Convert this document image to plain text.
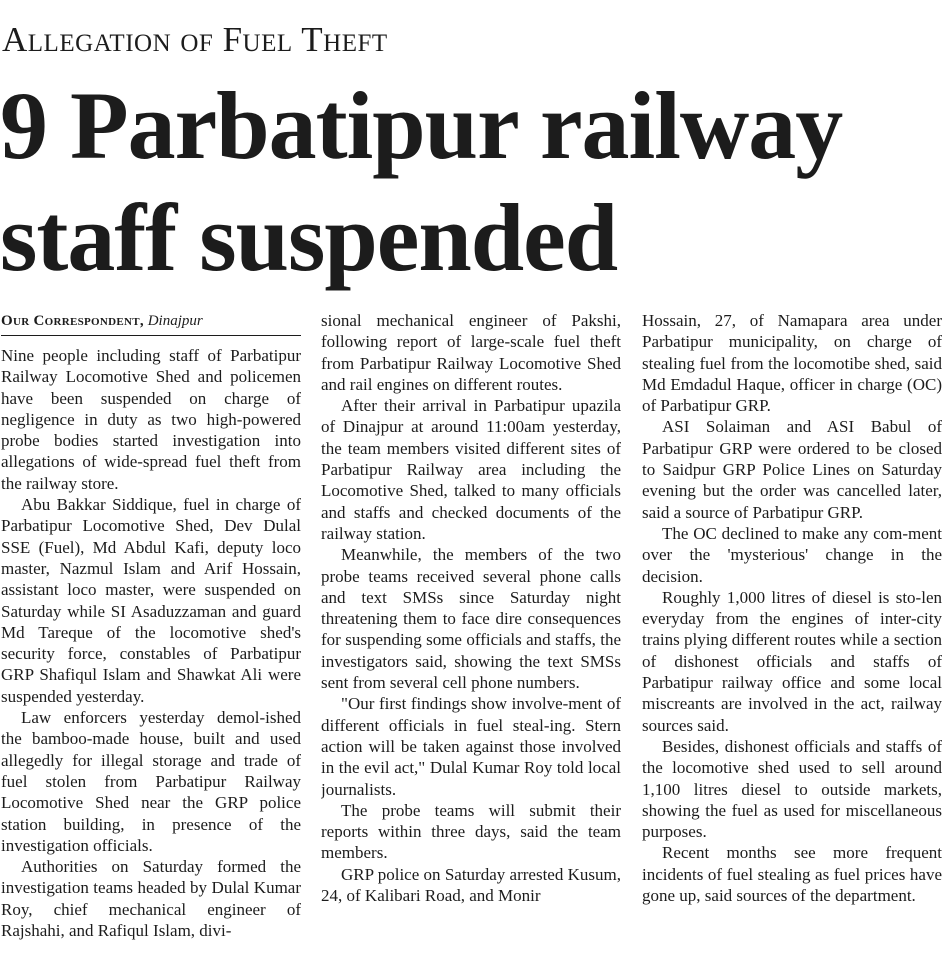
Allegation of Fuel Theft
9 Parbatipur railway
staff suspended
Our Correspondent, Dinajpur

Nine people including staff of Parbatipur Railway Locomotive Shed and policemen have been suspended on charge of negligence in duty as two high-powered probe bodies started investigation into allegations of wide-spread fuel theft from the railway store.

Abu Bakkar Siddique, fuel in charge of Parbatipur Locomotive Shed, Dev Dulal SSE (Fuel), Md Abdul Kafi, deputy loco master, Nazmul Islam and Arif Hossain, assistant loco master, were suspended on Saturday while SI Asaduzzaman and guard Md Tareque of the locomotive shed's security force, constables of Parbatipur GRP Shafiqul Islam and Shawkat Ali were suspended yesterday.

Law enforcers yesterday demol-ished the bamboo-made house, built and used allegedly for illegal storage and trade of fuel stolen from Parbatipur Railway Locomotive Shed near the GRP police station building, in presence of the investigation officials.

Authorities on Saturday formed the investigation teams headed by Dulal Kumar Roy, chief mechanical engineer of Rajshahi, and Rafiqul Islam, divi-

sional mechanical engineer of Pakshi, following report of large-scale fuel theft from Parbatipur Railway Locomotive Shed and rail engines on different routes.

After their arrival in Parbatipur upazila of Dinajpur at around 11:00am yesterday, the team members visited different sites of Parbatipur Railway area including the Locomotive Shed, talked to many officials and staffs and checked documents of the railway station.

Meanwhile, the members of the two probe teams received several phone calls and text SMSs since Saturday night threatening them to face dire consequences for suspending some officials and staffs, the investigators said, showing the text SMSs sent from several cell phone numbers.

"Our first findings show involve-ment of different officials in fuel steal-ing. Stern action will be taken against those involved in the evil act," Dulal Kumar Roy told local journalists.

The probe teams will submit their reports within three days, said the team members.

GRP police on Saturday arrested Kusum, 24, of Kalibari Road, and Monir

Hossain, 27, of Namapara area under Parbatipur municipality, on charge of stealing fuel from the locomotibe shed, said Md Emdadul Haque, officer in charge (OC) of Parbatipur GRP.

ASI Solaiman and ASI Babul of Parbatipur GRP were ordered to be closed to Saidpur GRP Police Lines on Saturday evening but the order was cancelled later, said a source of Parbatipur GRP.

The OC declined to make any com-ment over the 'mysterious' change in the decision.

Roughly 1,000 litres of diesel is sto-len everyday from the engines of inter-city trains plying different routes while a section of dishonest officials and staffs of Parbatipur railway office and some local miscreants are involved in the act, railway sources said.

Besides, dishonest officials and staffs of the locomotive shed used to sell around 1,100 litres diesel to outside markets, showing the fuel as used for miscellaneous purposes.

Recent months see more frequent incidents of fuel stealing as fuel prices have gone up, said sources of the department.
